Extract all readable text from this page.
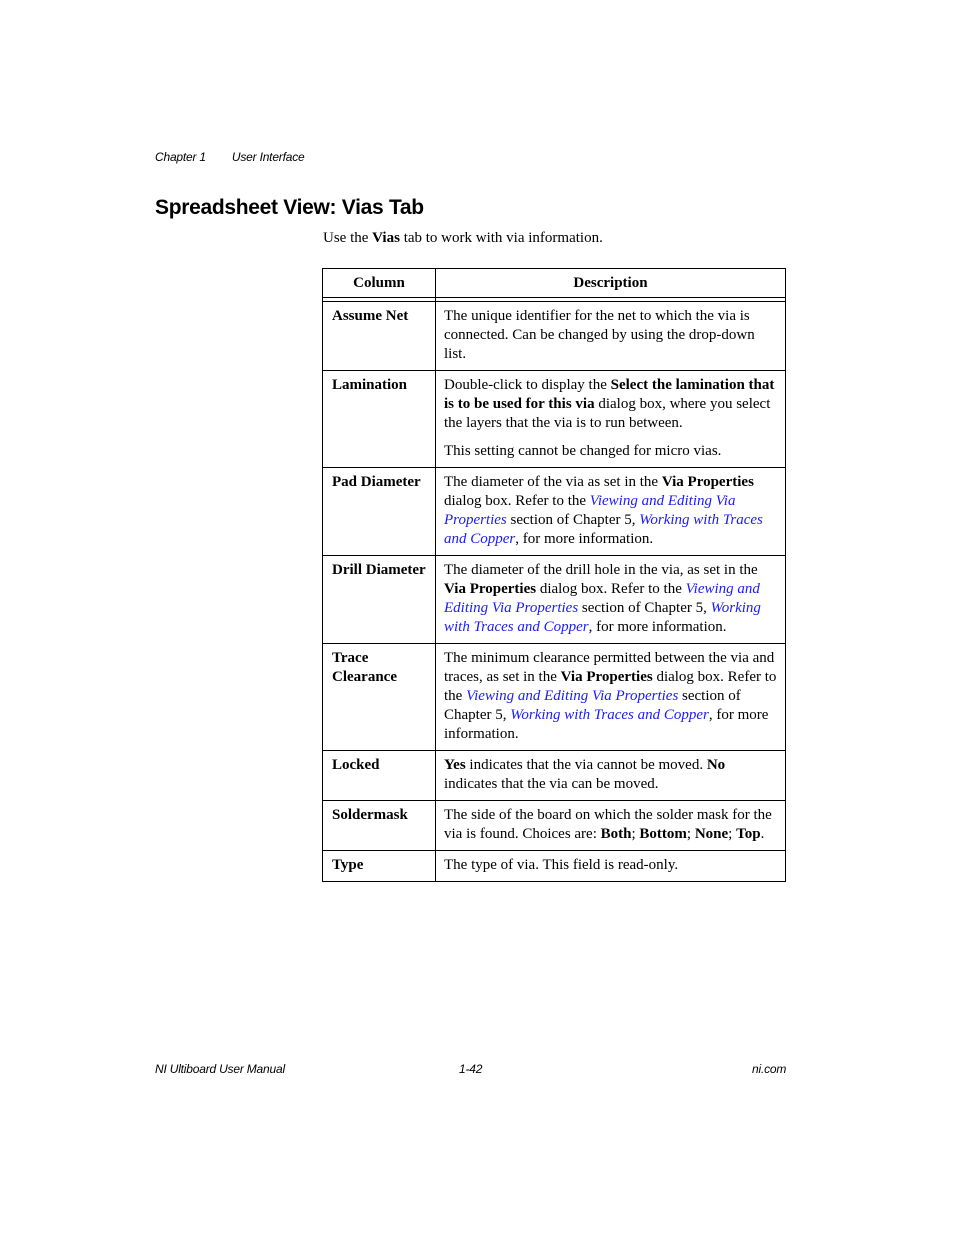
Chapter 1 User Interface
Spreadsheet View: Vias Tab

Use the Vias tab to work with via information.

Column	Description

Assume Net	The unique identifier for the net to which the via is connected. Can be changed by using the drop-down list.

Lamination	Double-click to display the Select the lamination that is to be used for this via dialog box, where you select the layers that the via is to run between.

This setting cannot be changed for micro vias.

Pad Diameter	The diameter of the via as set in the Via Properties dialog box. Refer to the Viewing and Editing Via Properties section of Chapter 5, Working with Traces and Copper, for more information.

Drill Diameter	The diameter of the drill hole in the via, as set in the Via Properties dialog box. Refer to the Viewing and Editing Via Properties section of Chapter 5, Working with Traces and Copper, for more information.

Trace Clearance	The minimum clearance permitted between the via and traces, as set in the Via Properties dialog box. Refer to the Viewing and Editing Via Properties section of Chapter 5, Working with Traces and Copper, for more information.

Locked	Yes indicates that the via cannot be moved. No indicates that the via can be moved.

Soldermask	The side of the board on which the solder mask for the via is found. Choices are: Both; Bottom; None; Top.

Type	The type of via. This field is read-only.

NI Ultiboard User Manual	1-42	ni.com
